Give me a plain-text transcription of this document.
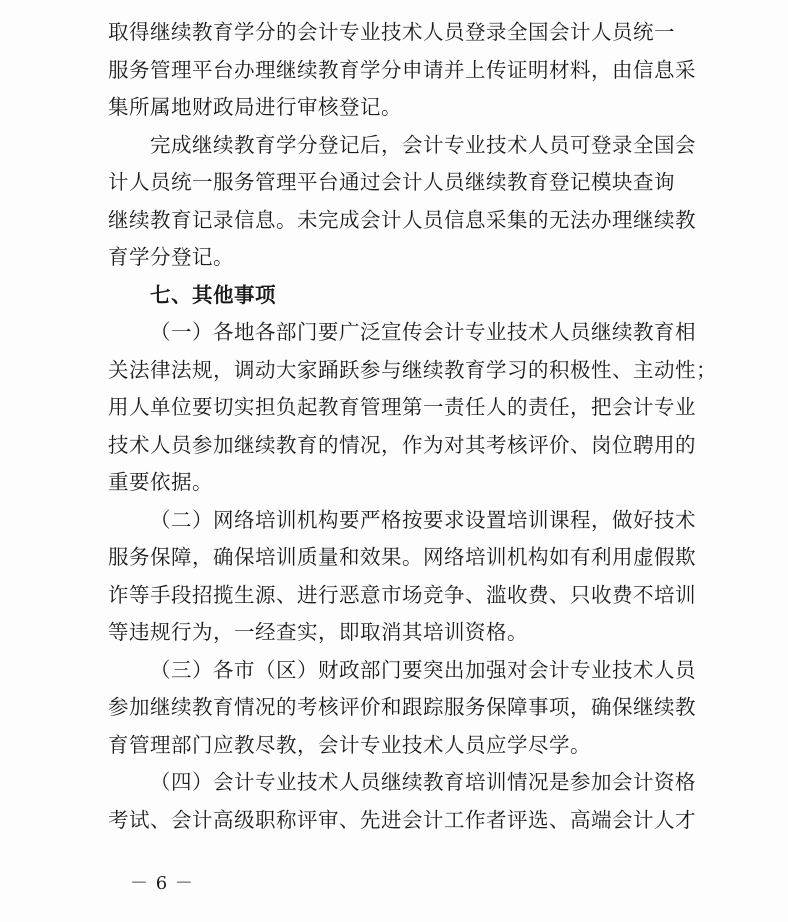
取得继续教育学分的会计专业技术人员登录全国会计人员统一
服务管理平台办理继续教育学分申请并上传证明材料，由信息采
集所属地财政局进行审核登记。
完成继续教育学分登记后，会计专业技术人员可登录全国会
计人员统一服务管理平台通过会计人员继续教育登记模块查询
继续教育记录信息。未完成会计人员信息采集的无法办理继续教
育学分登记。
七、其他事项
（一）各地各部门要广泛宣传会计专业技术人员继续教育相
关法律法规，调动大家踊跃参与继续教育学习的积极性、主动性；
用人单位要切实担负起教育管理第一责任人的责任，把会计专业
技术人员参加继续教育的情况，作为对其考核评价、岗位聘用的
重要依据。
（二）网络培训机构要严格按要求设置培训课程，做好技术
服务保障，确保培训质量和效果。网络培训机构如有利用虚假欺
诈等手段招揽生源、进行恶意市场竞争、滥收费、只收费不培训
等违规行为，一经查实，即取消其培训资格。
（三）各市（区）财政部门要突出加强对会计专业技术人员
参加继续教育情况的考核评价和跟踪服务保障事项，确保继续教
育管理部门应教尽教，会计专业技术人员应学尽学。
（四）会计专业技术人员继续教育培训情况是参加会计资格
考试、会计高级职称评审、先进会计工作者评选、高端会计人才
－ 6 －
